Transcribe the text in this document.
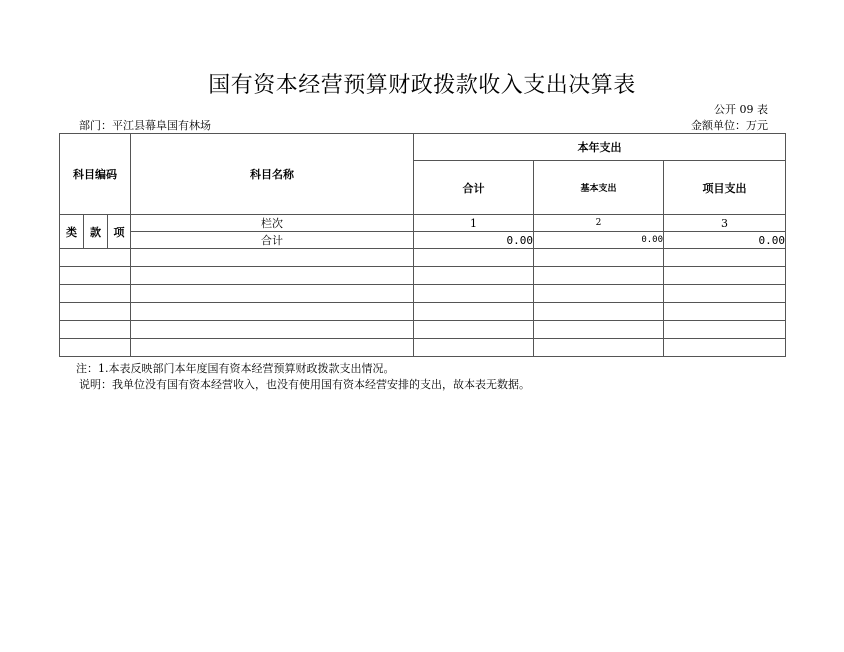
国有资本经营预算财政拨款收入支出决算表
公开 09 表
部门：平江县幕阜国有林场	金额单位：万元
科目编码			科目名称	本年支出		
				合计	基本支出	项目支出
类	款	项	栏次	1	2	3
			合计	0.00	0.00	0.00

注：1.本表反映部门本年度国有资本经营预算财政拨款支出情况。
说明：我单位没有国有资本经营收入，也没有使用国有资本经营安排的支出，故本表无数据。
